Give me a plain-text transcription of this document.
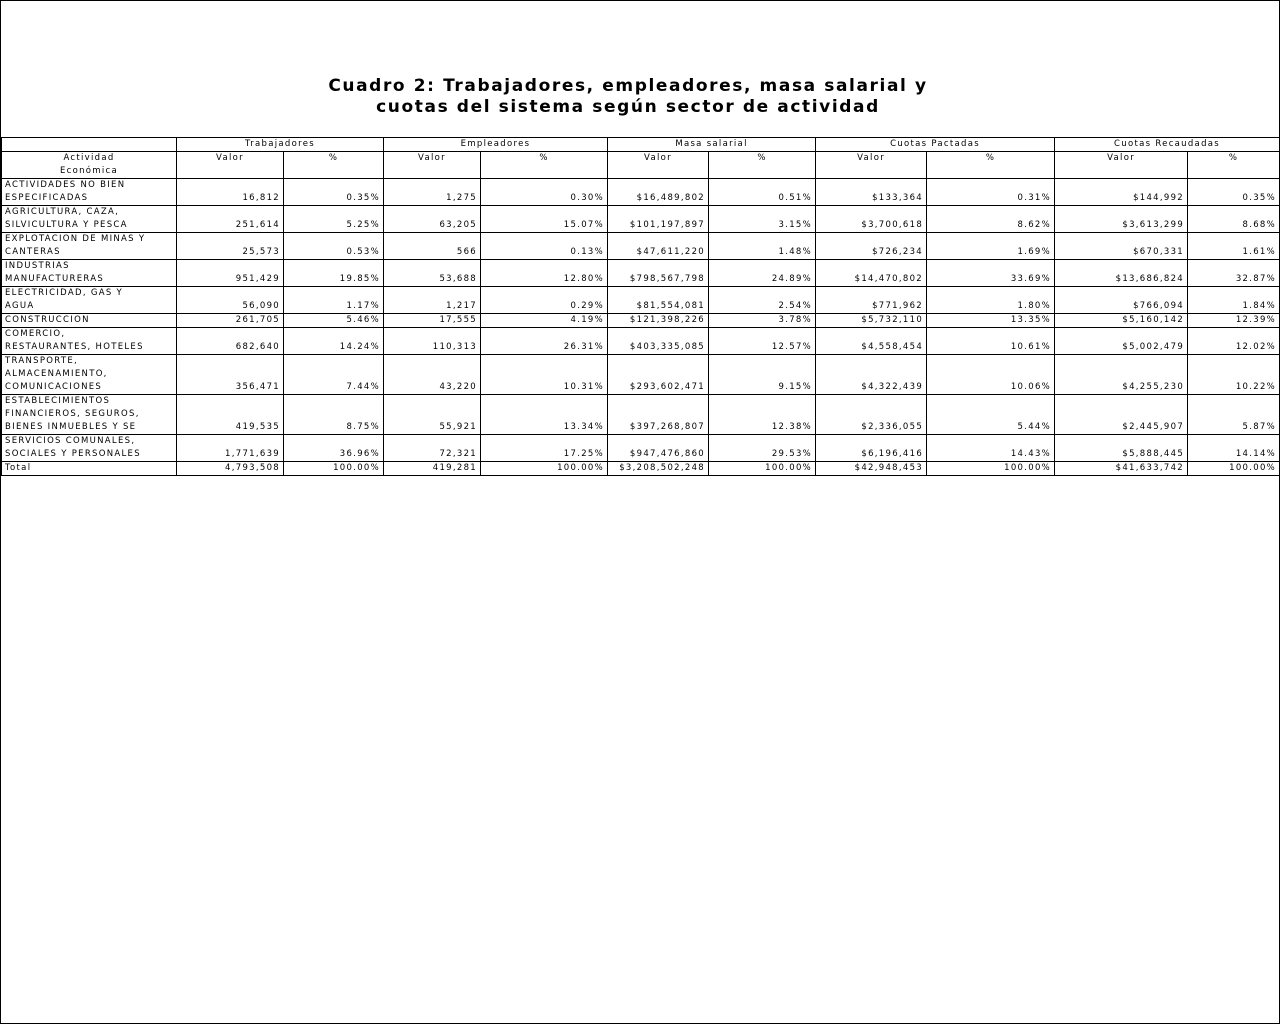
Cuadro 2: Trabajadores, empleadores, masa salarial y
cuotas del sistema según sector de actividad
	Trabajadores		Empleadores		Masa salarial		Cuotas Pactadas		Cuotas Recaudadas	

Actividad
Económica	Valor	%	Valor	%	Valor	%	Valor	%	Valor	%

ACTIVIDADES NO BIEN
ESPECIFICADAS	16,812	0.35%	1,275	0.30%	$16,489,802	0.51%	$133,364	0.31%	$144,992	0.35%

AGRICULTURA, CAZA,
SILVICULTURA Y PESCA	251,614	5.25%	63,205	15.07%	$101,197,897	3.15%	$3,700,618	8.62%	$3,613,299	8.68%

EXPLOTACION DE MINAS Y
CANTERAS	25,573	0.53%	566	0.13%	$47,611,220	1.48%	$726,234	1.69%	$670,331	1.61%

INDUSTRIAS
MANUFACTURERAS	951,429	19.85%	53,688	12.80%	$798,567,798	24.89%	$14,470,802	33.69%	$13,686,824	32.87%

ELECTRICIDAD, GAS Y
AGUA	56,090	1.17%	1,217	0.29%	$81,554,081	2.54%	$771,962	1.80%	$766,094	1.84%

CONSTRUCCION	261,705	5.46%	17,555	4.19%	$121,398,226	3.78%	$5,732,110	13.35%	$5,160,142	12.39%

COMERCIO,
RESTAURANTES, HOTELES	682,640	14.24%	110,313	26.31%	$403,335,085	12.57%	$4,558,454	10.61%	$5,002,479	12.02%

TRANSPORTE,
ALMACENAMIENTO,
COMUNICACIONES	356,471	7.44%	43,220	10.31%	$293,602,471	9.15%	$4,322,439	10.06%	$4,255,230	10.22%

ESTABLECIMIENTOS
FINANCIEROS, SEGUROS,
BIENES INMUEBLES Y SE	419,535	8.75%	55,921	13.34%	$397,268,807	12.38%	$2,336,055	5.44%	$2,445,907	5.87%

SERVICIOS COMUNALES,
SOCIALES Y PERSONALES	1,771,639	36.96%	72,321	17.25%	$947,476,860	29.53%	$6,196,416	14.43%	$5,888,445	14.14%

Total	4,793,508	100.00%	419,281	100.00%	$3,208,502,248	100.00%	$42,948,453	100.00%	$41,633,742	100.00%
